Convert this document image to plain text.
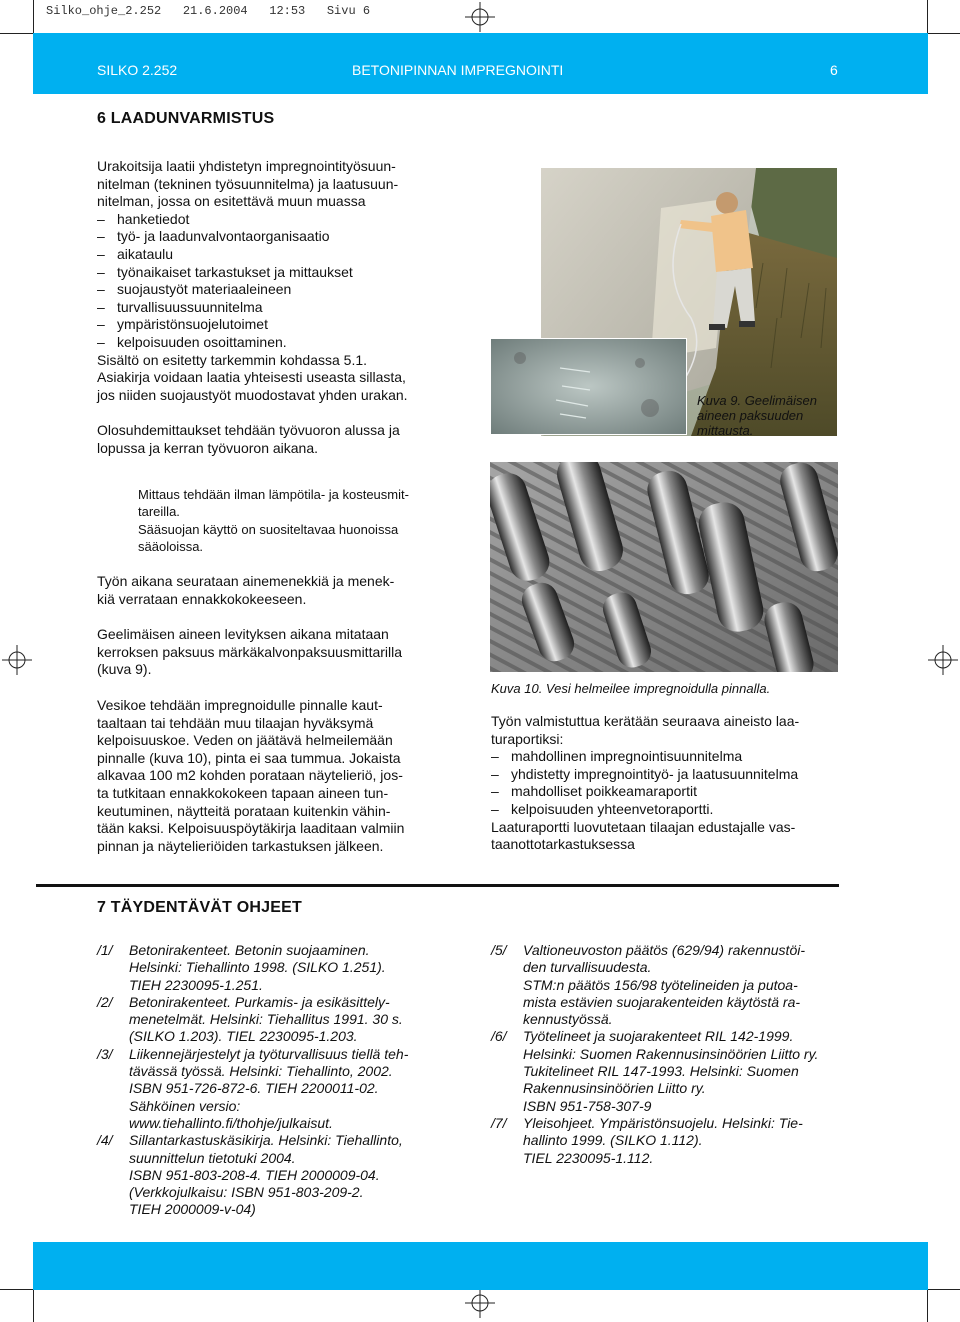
Silko_ohje_2.252   21.6.2004   12:53   Sivu 6
SILKO 2.252	BETONIPINNAN IMPREGNOINTI	6
6 LAADUNVARMISTUS

Urakoitsija laatii yhdistetyn impregnointityösuun-

nitelman (tekninen työsuunnitelma) ja laatusuun-

nitelman, jossa on esitettävä muun muassa

– hanketiedot

– työ- ja laadunvalvontaorganisaatio

– aikataulu

– työnaikaiset tarkastukset ja mittaukset

– suojaustyöt materiaaleineen

– turvallisuussuunnitelma

– ympäristönsuojelutoimet

– kelpoisuuden osoittaminen.

Sisältö on esitetty tarkemmin kohdassa 5.1.

Asiakirja voidaan laatia yhteisesti useasta sillasta,

jos niiden suojaustyöt muodostavat yhden urakan.

Olosuhdemittaukset tehdään työvuoron alussa ja

lopussa ja kerran työvuoron aikana.

Mittaus tehdään ilman lämpötila- ja kosteusmit-

tareilla.

Sääsuojan käyttö on suositeltavaa huonoissa

sääoloissa.

Työn aikana seurataan ainemenekkiä ja menek-

kiä verrataan ennakkokokeeseen.

Geelimäisen aineen levityksen aikana mitataan

kerroksen paksuus märkäkalvonpaksuusmittarilla

(kuva 9).

Vesikoe tehdään impregnoidulle pinnalle kaut-

taaltaan tai tehdään muu tilaajan hyväksymä

kelpoisuuskoe. Veden on jäätävä helmeilemään

pinnalle (kuva 10), pinta ei saa tummua. Jokaista

alkavaa 100 m2 kohden porataan näytelieriö, jos-

ta tutkitaan ennakkokokeen tapaan aineen tun-

keutuminen, näytteitä porataan kuitenkin vähin-

tään kaksi. Kelpoisuuspöytäkirja laaditaan valmiin

pinnan ja näytelieriöiden tarkastuksen jälkeen.

Kuva 9. Geelimäisen
aineen paksuuden
mittausta.
Kuva 10. Vesi helmeilee impregnoidulla pinnalla.

Työn valmistuttua kerätään seuraava aineisto laa-

turaportiksi:

– mahdollinen impregnointisuunnitelma

– yhdistetty impregnointityö- ja laatusuunnitelma

– mahdolliset poikkeamaraportit

– kelpoisuuden yhteenvetoraportti.

Laaturaportti luovutetaan tilaajan edustajalle vas-

taanottotarkastuksessa

7 TÄYDENTÄVÄT OHJEET
/1/ Betonirakenteet. Betonin suojaaminen.
Helsinki: Tiehallinto 1998. (SILKO 1.251).
TIEH 2230095-1.251.
/2/ Betonirakenteet. Purkamis- ja esikäsittely-
menetelmät. Helsinki: Tiehallitus 1991. 30 s.
(SILKO 1.203). TIEL 2230095-1.203.
/3/ Liikennejärjestelyt ja työturvallisuus tiellä teh-
tävässä työssä. Helsinki: Tiehallinto, 2002.
ISBN 951-726-872-6. TIEH 2200011-02.
Sähköinen versio:
www.tiehallinto.fi/thohje/julkaisut.
/4/ Sillantarkastuskäsikirja. Helsinki: Tiehallinto,
suunnittelun tietotuki 2004.
ISBN 951-803-208-4. TIEH 2000009-04.
(Verkkojulkaisu: ISBN 951-803-209-2.
TIEH 2000009-v-04)
/5/ Valtioneuvoston päätös (629/94) rakennustöi-
den turvallisuudesta.
STM:n päätös 156/98 työtelineiden ja putoa-
mista estävien suojarakenteiden käytöstä ra-
kennustyössä.
/6/ Työtelineet ja suojarakenteet RIL 142-1999.
Helsinki: Suomen Rakennusinsinöörien Liitto ry.
Tukitelineet RIL 147-1993. Helsinki: Suomen
Rakennusinsinöörien Liitto ry.
ISBN 951-758-307-9
/7/ Yleisohjeet. Ympäristönsuojelu. Helsinki: Tie-
hallinto 1999. (SILKO 1.112).
TIEL 2230095-1.112.
